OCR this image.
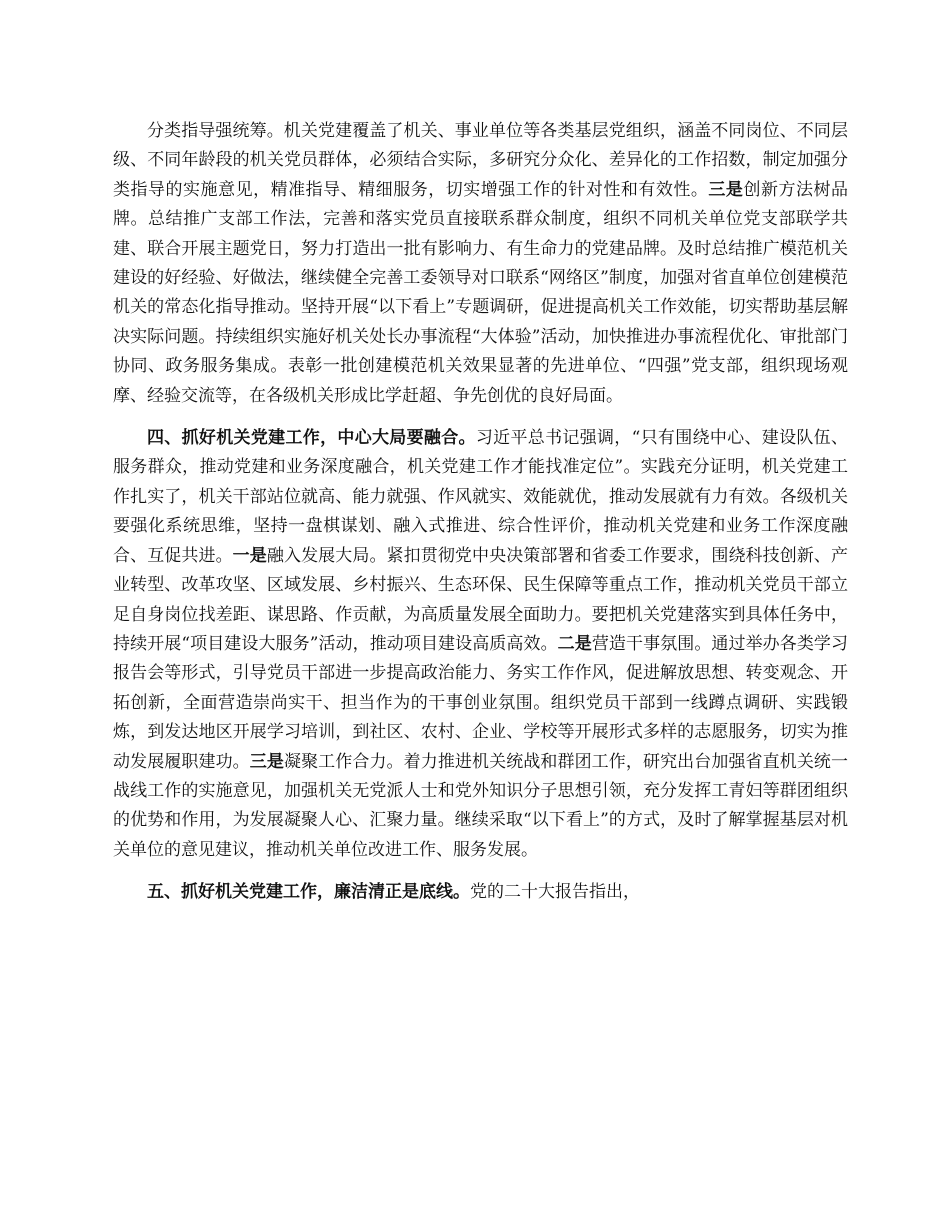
分类指导强统筹。机关党建覆盖了机关、事业单位等各类基层党组织，涵盖不同岗位、不同层级、不同年龄段的机关党员群体，必须结合实际，多研究分众化、差异化的工作招数，制定加强分类指导的实施意见，精准指导、精细服务，切实增强工作的针对性和有效性。三是创新方法树品牌。总结推广支部工作法，完善和落实党员直接联系群众制度，组织不同机关单位党支部联学共建、联合开展主题党日，努力打造出一批有影响力、有生命力的党建品牌。及时总结推广模范机关建设的好经验、好做法，继续健全完善工委领导对口联系“网络区”制度，加强对省直单位创建模范机关的常态化指导推动。坚持开展“以下看上”专题调研，促进提高机关工作效能，切实帮助基层解决实际问题。持续组织实施好机关处长办事流程“大体验”活动，加快推进办事流程优化、审批部门协同、政务服务集成。表彰一批创建模范机关效果显著的先进单位、“四强”党支部，组织现场观摩、经验交流等，在各级机关形成比学赶超、争先创优的良好局面。

四、抓好机关党建工作，中心大局要融合。习近平总书记强调，“只有围绕中心、建设队伍、服务群众，推动党建和业务深度融合，机关党建工作才能找准定位”。实践充分证明，机关党建工作扎实了，机关干部站位就高、能力就强、作风就实、效能就优，推动发展就有力有效。各级机关要强化系统思维，坚持一盘棋谋划、融入式推进、综合性评价，推动机关党建和业务工作深度融合、互促共进。一是融入发展大局。紧扣贯彻党中央决策部署和省委工作要求，围绕科技创新、产业转型、改革攻坚、区域发展、乡村振兴、生态环保、民生保障等重点工作，推动机关党员干部立足自身岗位找差距、谋思路、作贡献，为高质量发展全面助力。要把机关党建落实到具体任务中，持续开展“项目建设大服务”活动，推动项目建设高质高效。二是营造干事氛围。通过举办各类学习报告会等形式，引导党员干部进一步提高政治能力、务实工作作风，促进解放思想、转变观念、开拓创新，全面营造崇尚实干、担当作为的干事创业氛围。组织党员干部到一线蹲点调研、实践锻炼，到发达地区开展学习培训，到社区、农村、企业、学校等开展形式多样的志愿服务，切实为推动发展履职建功。三是凝聚工作合力。着力推进机关统战和群团工作，研究出台加强省直机关统一战线工作的实施意见，加强机关无党派人士和党外知识分子思想引领，充分发挥工青妇等群团组织的优势和作用，为发展凝聚人心、汇聚力量。继续采取“以下看上”的方式，及时了解掌握基层对机关单位的意见建议，推动机关单位改进工作、服务发展。

五、抓好机关党建工作，廉洁清正是底线。党的二十大报告指出，
